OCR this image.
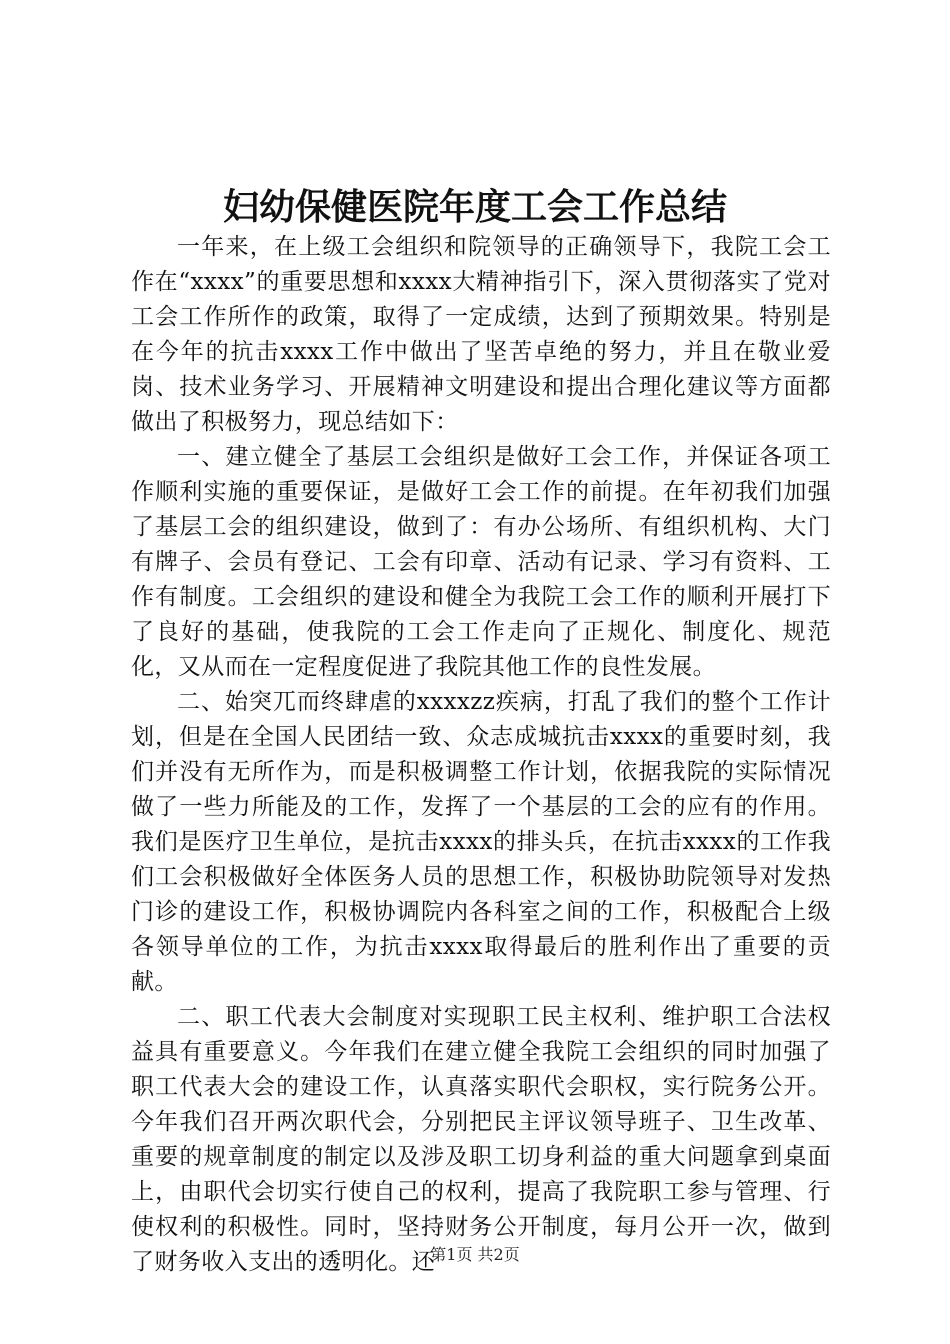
妇幼保健医院年度工会工作总结

一年来，在上级工会组织和院领导的正确领导下，我院工会工作在“xxxx”的重要思想和xxxx大精神指引下，深入贯彻落实了党对工会工作所作的政策，取得了一定成绩，达到了预期效果。特别是在今年的抗击xxxx工作中做出了坚苦卓绝的努力，并且在敬业爱岗、技术业务学习、开展精神文明建设和提出合理化建议等方面都做出了积极努力，现总结如下：

一、建立健全了基层工会组织是做好工会工作，并保证各项工作顺利实施的重要保证，是做好工会工作的前提。在年初我们加强了基层工会的组织建设，做到了：有办公场所、有组织机构、大门有牌子、会员有登记、工会有印章、活动有记录、学习有资料、工作有制度。工会组织的建设和健全为我院工会工作的顺利开展打下了良好的基础，使我院的工会工作走向了正规化、制度化、规范化，又从而在一定程度促进了我院其他工作的良性发展。

二、始突兀而终肆虐的xxxxzz疾病，打乱了我们的整个工作计划，但是在全国人民团结一致、众志成城抗击xxxx的重要时刻，我们并没有无所作为，而是积极调整工作计划，依据我院的实际情况做了一些力所能及的工作，发挥了一个基层的工会的应有的作用。我们是医疗卫生单位，是抗击xxxx的排头兵，在抗击xxxx的工作我们工会积极做好全体医务人员的思想工作，积极协助院领导对发热门诊的建设工作，积极协调院内各科室之间的工作，积极配合上级各领导单位的工作，为抗击xxxx取得最后的胜利作出了重要的贡献。

二、职工代表大会制度对实现职工民主权利、维护职工合法权益具有重要意义。今年我们在建立健全我院工会组织的同时加强了职工代表大会的建设工作，认真落实职代会职权，实行院务公开。今年我们召开两次职代会，分别把民主评议领导班子、卫生改革、重要的规章制度的制定以及涉及职工切身利益的重大问题拿到桌面上，由职代会切实行使自己的权利，提高了我院职工参与管理、行使权利的积极性。同时，坚持财务公开制度，每月公开一次，做到了财务收入支出的透明化。还

第1页 共2页
